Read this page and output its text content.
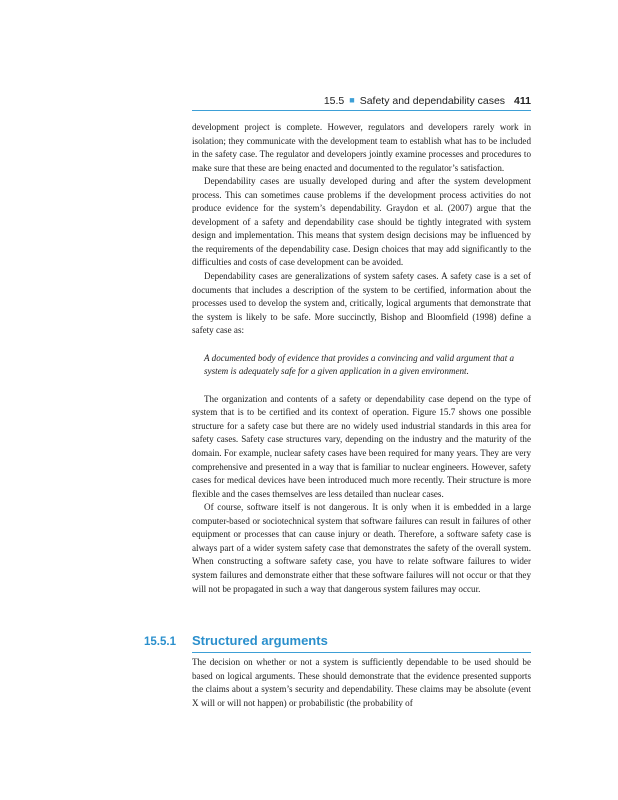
15.5 ■ Safety and dependability cases 411

development project is complete. However, regulators and developers rarely work in isolation; they communicate with the development team to establish what has to be included in the safety case. The regulator and developers jointly examine processes and procedures to make sure that these are being enacted and documented to the regulator’s satisfaction.

Dependability cases are usually developed during and after the system development process. This can sometimes cause problems if the development process activities do not produce evidence for the system’s dependability. Graydon et al. (2007) argue that the development of a safety and dependability case should be tightly integrated with system design and implementation. This means that system design decisions may be influenced by the requirements of the dependability case. Design choices that may add significantly to the difficulties and costs of case development can be avoided.

Dependability cases are generalizations of system safety cases. A safety case is a set of documents that includes a description of the system to be certified, information about the processes used to develop the system and, critically, logical arguments that demonstrate that the system is likely to be safe. More succinctly, Bishop and Bloomfield (1998) define a safety case as:

A documented body of evidence that provides a convincing and valid argument that a system is adequately safe for a given application in a given environment.

The organization and contents of a safety or dependability case depend on the type of system that is to be certified and its context of operation. Figure 15.7 shows one possible structure for a safety case but there are no widely used industrial standards in this area for safety cases. Safety case structures vary, depending on the industry and the maturity of the domain. For example, nuclear safety cases have been required for many years. They are very comprehensive and presented in a way that is familiar to nuclear engineers. However, safety cases for medical devices have been introduced much more recently. Their structure is more flexible and the cases themselves are less detailed than nuclear cases.

Of course, software itself is not dangerous. It is only when it is embedded in a large computer-based or sociotechnical system that software failures can result in failures of other equipment or processes that can cause injury or death. Therefore, a software safety case is always part of a wider system safety case that demonstrates the safety of the overall system. When constructing a software safety case, you have to relate software failures to wider system failures and demonstrate either that these software failures will not occur or that they will not be propagated in such a way that dangerous system failures may occur.

15.5.1 Structured arguments

The decision on whether or not a system is sufficiently dependable to be used should be based on logical arguments. These should demonstrate that the evidence presented supports the claims about a system’s security and dependability. These claims may be absolute (event X will or will not happen) or probabilistic (the probability of
